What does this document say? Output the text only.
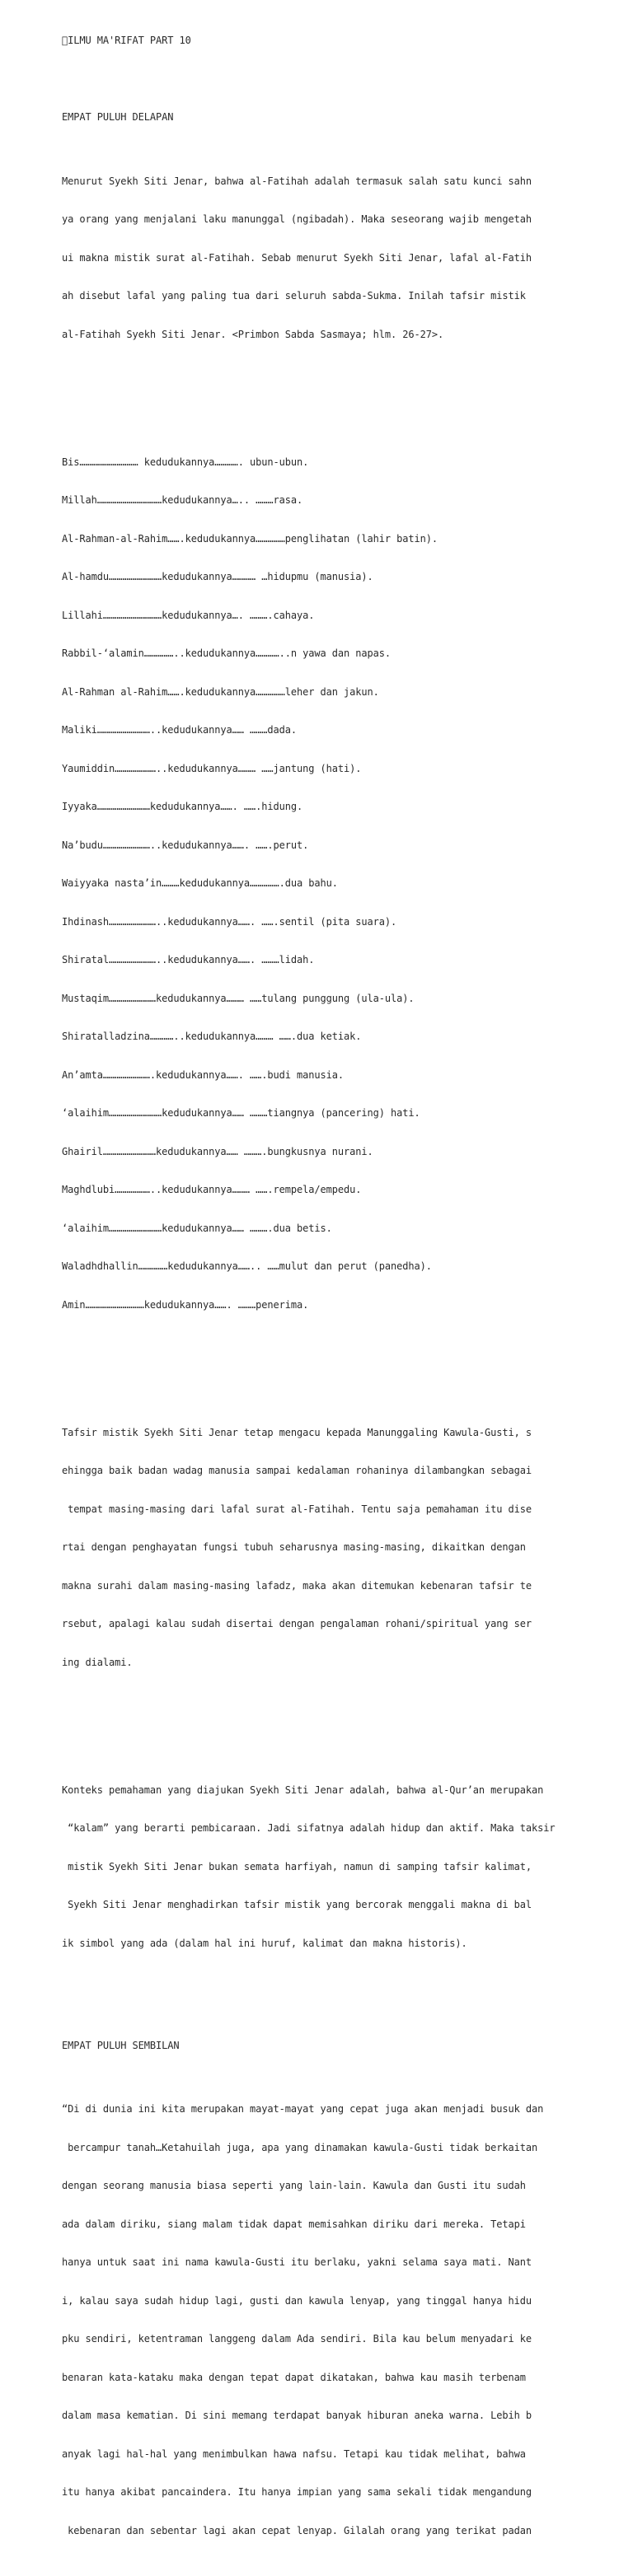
ILMU MA'RIFAT PART 10

EMPAT PULUH DELAPAN

Menurut Syekh Siti Jenar, bahwa al-Fatihah adalah termasuk salah satu kunci sahn

ya orang yang menjalani laku manunggal (ngibadah). Maka seseorang wajib mengetah

ui makna mistik surat al-Fatihah. Sebab menurut Syekh Siti Jenar, lafal al-Fatih

ah disebut lafal yang paling tua dari seluruh sabda-Sukma. Inilah tafsir mistik

al-Fatihah Syekh Siti Jenar. <Primbon Sabda Sasmaya; hlm. 26-27>.

Bis………………………… kedudukannya…………. ubun-ubun.

Millah……………………………kedudukannya….. ………rasa.

Al-Rahman-al-Rahim…….kedudukannya……………penglihatan (lahir batin).

Al-hamdu………………………kedudukannya………… …hidupmu (manusia).

Lillahi…………………………kedudukannya…. ……….cahaya.

Rabbil-‘alamin……………..kedudukannya…………..n yawa dan napas.

Al-Rahman al-Rahim…….kedudukannya……………leher dan jakun.

Maliki………………………..kedudukannya…… ………dada.

Yaumiddin…………………..kedudukannya……… ……jantung (hati).

Iyyaka………………………kedudukannya……. …….hidung.

Na’budu……………………..kedudukannya……. …….perut.

Waiyyaka nasta’in………kedudukannya…………….dua bahu.

Ihdinash……………………..kedudukannya……. …….sentil (pita suara).

Shiratal……………………..kedudukannya……. ………lidah.

Mustaqim……………………kedudukannya……… ……tulang punggung (ula-ula).

Shiratalladzina…………..kedudukannya……… …….dua ketiak.

An’amta…………………….kedudukannya……. …….budi manusia.

‘alaihim………………………kedudukannya…… ………tiangnya (pancering) hati.

Ghairil………………………kedudukannya…… ……….bungkusnya nurani.

Maghdlubi………………..kedudukannya……… …….rempela/empedu.

‘alaihim………………………kedudukannya…… ……….dua betis.

Waladhdhallin……………kedudukannya…….. ……mulut dan perut (panedha).

Amin…………………………kedudukannya……. ………penerima.

Tafsir mistik Syekh Siti Jenar tetap mengacu kepada Manunggaling Kawula-Gusti, s

ehingga baik badan wadag manusia sampai kedalaman rohaninya dilambangkan sebagai

tempat masing-masing dari lafal surat al-Fatihah. Tentu saja pemahaman itu dise

rtai dengan penghayatan fungsi tubuh seharusnya masing-masing, dikaitkan dengan

makna surahi dalam masing-masing lafadz, maka akan ditemukan kebenaran tafsir te

rsebut, apalagi kalau sudah disertai dengan pengalaman rohani/spiritual yang ser

ing dialami.

Konteks pemahaman yang diajukan Syekh Siti Jenar adalah, bahwa al-Qur’an merupakan

“kalam” yang berarti pembicaraan. Jadi sifatnya adalah hidup dan aktif. Maka taksir

mistik Syekh Siti Jenar bukan semata harfiyah, namun di samping tafsir kalimat,

Syekh Siti Jenar menghadirkan tafsir mistik yang bercorak menggali makna di bal

ik simbol yang ada (dalam hal ini huruf, kalimat dan makna historis).

EMPAT PULUH SEMBILAN

“Di di dunia ini kita merupakan mayat-mayat yang cepat juga akan menjadi busuk dan

bercampur tanah…Ketahuilah juga, apa yang dinamakan kawula-Gusti tidak berkaitan

dengan seorang manusia biasa seperti yang lain-lain. Kawula dan Gusti itu sudah

ada dalam diriku, siang malam tidak dapat memisahkan diriku dari mereka. Tetapi

hanya untuk saat ini nama kawula-Gusti itu berlaku, yakni selama saya mati. Nant

i, kalau saya sudah hidup lagi, gusti dan kawula lenyap, yang tinggal hanya hidu

pku sendiri, ketentraman langgeng dalam Ada sendiri. Bila kau belum menyadari ke

benaran kata-kataku maka dengan tepat dapat dikatakan, bahwa kau masih terbenam

dalam masa kematian. Di sini memang terdapat banyak hiburan aneka warna. Lebih b

anyak lagi hal-hal yang menimbulkan hawa nafsu. Tetapi kau tidak melihat, bahwa

itu hanya akibat pancaindera. Itu hanya impian yang sama sekali tidak mengandung

kebenaran dan sebentar lagi akan cepat lenyap. Gilalah orang yang terikat padan
